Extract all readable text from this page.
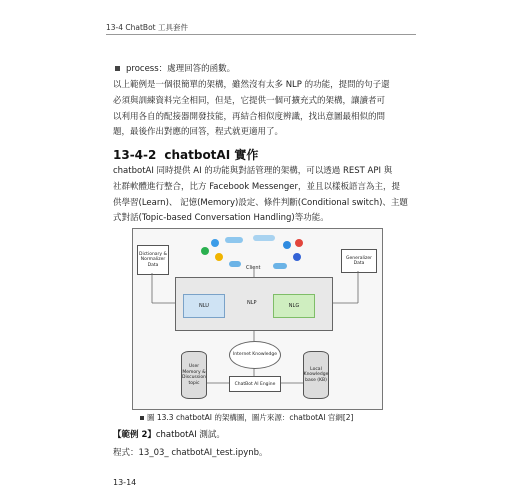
13-4 ChatBot 工具套件
process：處理回答的函數。
以上範例是一個很簡單的架構，雖然沒有太多 NLP 的功能，提問的句子還
必須與訓練資料完全相同，但是，它提供一個可擴充式的架構，讓讀者可
以利用各自的配接器開發技能，再結合相似度辨識，找出意圖最相似的問
題，最後作出對應的回答，程式就更適用了。
13-4-2 chatbotAI 實作
chatbotAI 同時提供 AI 的功能與對話管理的架構，可以透過 REST API 與
社群軟體進行整合，比方 Facebook Messenger，並且以樣板語言為主，提
供學習(Learn)、 記憶(Memory)設定、條件判斷(Conditional switch)、主題
式對話(Topic-based Conversation Handling)等功能。
Client
Dictionary & Normalizer Data
Generalizer Data
NLU	NLP	NLG
Internet Knowledge
User Memory & Discussion topic	ChatBot AI Engine
Local Knowledge base (KB)
圖 13.3 chatbotAI 的架構圖，圖片來源：chatbotAI 官網[2]
【範例 2】chatbotAI 測試。
程式：13_03_ chatbotAI_test.ipynb。
13-14
